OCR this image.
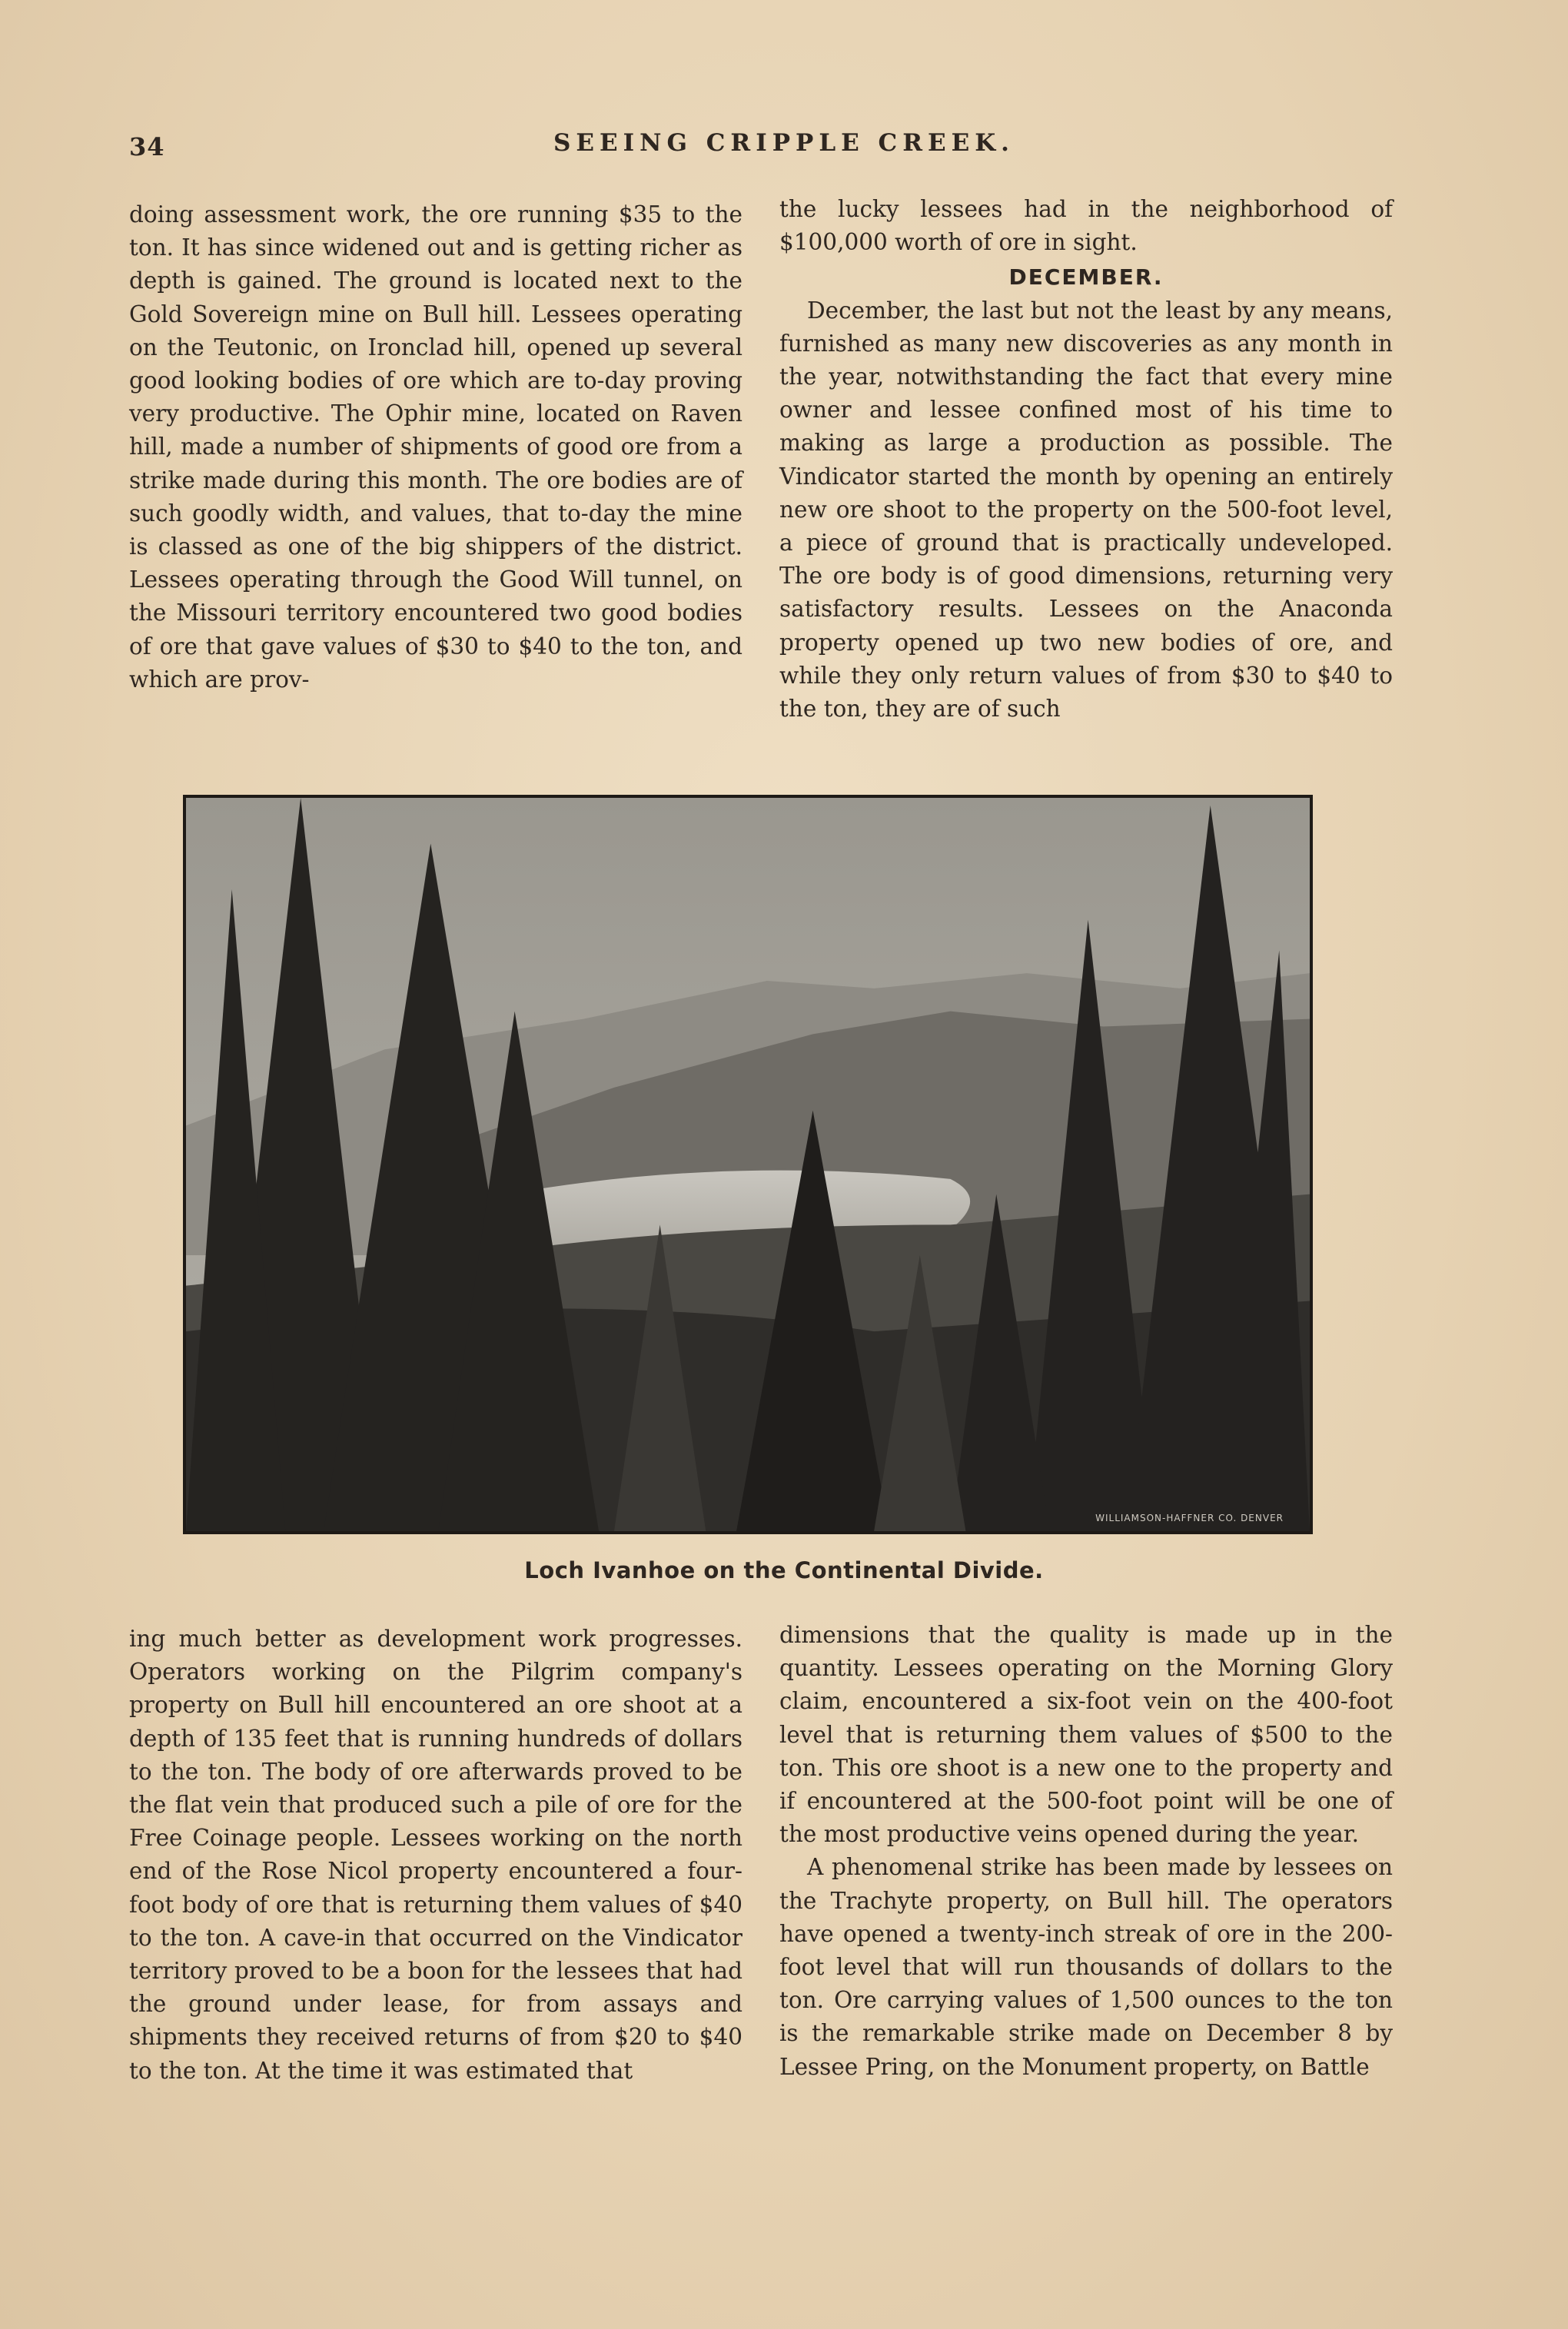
34	SEEING CRIPPLE CREEK.

doing assessment work, the ore running $35 to the ton. It has since widened out and is getting richer as depth is gained. The ground is located next to the Gold Sovereign mine on Bull hill. Lessees operating on the Teutonic, on Ironclad hill, opened up several good looking bodies of ore which are to-day proving very productive. The Ophir mine, located on Raven hill, made a number of shipments of good ore from a strike made during this month. The ore bodies are of such goodly width, and values, that to-day the mine is classed as one of the big shippers of the district. Lessees operating through the Good Will tunnel, on the Missouri territory encountered two good bodies of ore that gave values of $30 to $40 to the ton, and which are prov-

the lucky lessees had in the neighborhood of $100,000 worth of ore in sight.

DECEMBER.

December, the last but not the least by any means, furnished as many new discoveries as any month in the year, notwithstanding the fact that every mine owner and lessee confined most of his time to making as large a production as possible. The Vindicator started the month by opening an entirely new ore shoot to the property on the 500-foot level, a piece of ground that is practically undeveloped. The ore body is of good dimensions, returning very satisfactory results. Lessees on the Anaconda property opened up two new bodies of ore, and while they only return values of from $30 to $40 to the ton, they are of such

WILLIAMSON-HAFFNER CO. DENVER
Loch Ivanhoe on the Continental Divide.

ing much better as development work progresses. Operators working on the Pilgrim company's property on Bull hill encountered an ore shoot at a depth of 135 feet that is running hundreds of dollars to the ton. The body of ore afterwards proved to be the flat vein that produced such a pile of ore for the Free Coinage people. Lessees working on the north end of the Rose Nicol property encountered a four-foot body of ore that is returning them values of $40 to the ton. A cave-in that occurred on the Vindicator territory proved to be a boon for the lessees that had the ground under lease, for from assays and shipments they received returns of from $20 to $40 to the ton. At the time it was estimated that

dimensions that the quality is made up in the quantity. Lessees operating on the Morning Glory claim, encountered a six-foot vein on the 400-foot level that is returning them values of $500 to the ton. This ore shoot is a new one to the property and if encountered at the 500-foot point will be one of the most productive veins opened during the year.

A phenomenal strike has been made by lessees on the Trachyte property, on Bull hill. The operators have opened a twenty-inch streak of ore in the 200-foot level that will run thousands of dollars to the ton. Ore carrying values of 1,500 ounces to the ton is the remarkable strike made on December 8 by Lessee Pring, on the Monument property, on Battle
